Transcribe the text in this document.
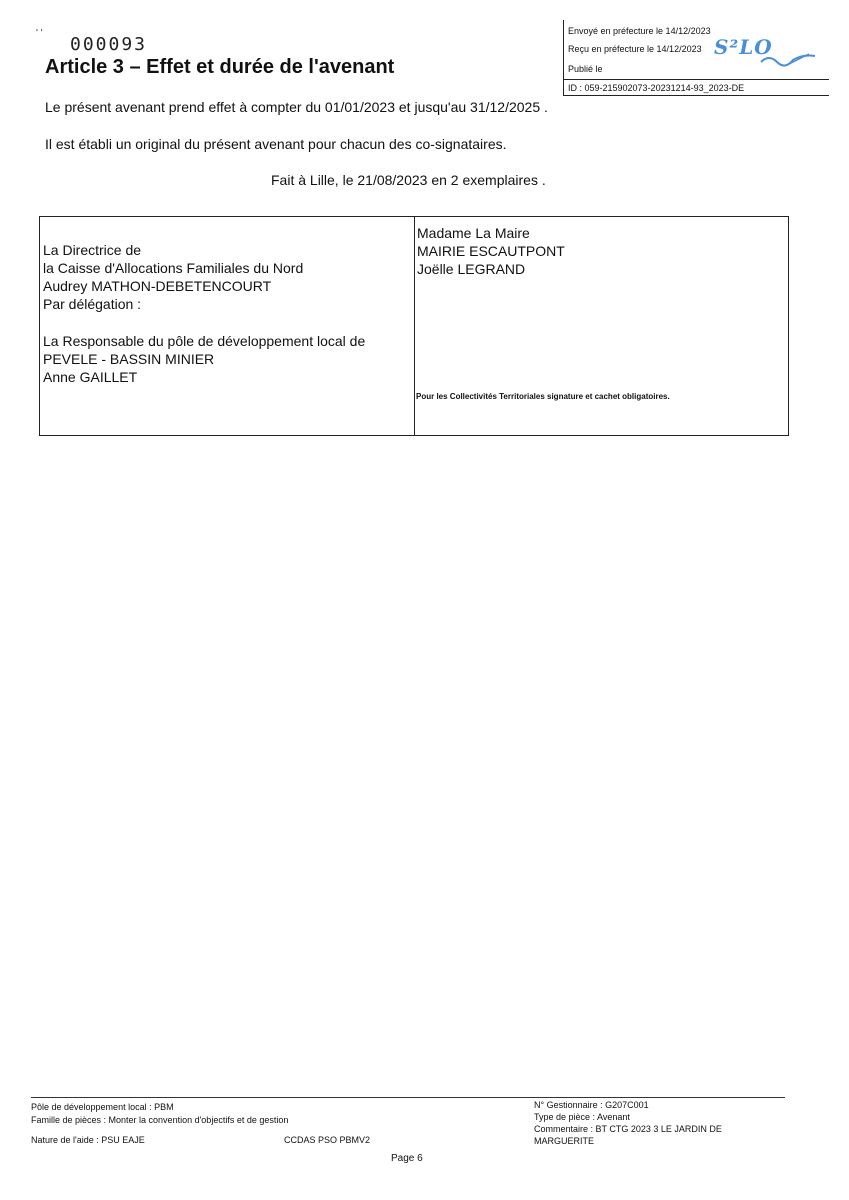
Envoyé en préfecture le 14/12/2023
Reçu en préfecture le 14/12/2023
Publié le
ID : 059-215902073-20231214-93_2023-DE
S²LO
' '
000093
Article 3 – Effet et durée de l'avenant
Le présent avenant prend effet à compter du 01/01/2023 et jusqu'au 31/12/2025 .
Il est établi un original du présent avenant pour chacun des co-signataires.
Fait à Lille, le 21/08/2023 en 2 exemplaires .
La Directrice de
la Caisse d'Allocations Familiales du Nord
Audrey MATHON-DEBETENCOURT
Par délégation :
La Responsable du pôle de développement local de
PEVELE - BASSIN MINIER
Anne GAILLET
Madame La Maire
MAIRIE ESCAUTPONT
Joëlle LEGRAND
Pour les Collectivités Territoriales signature et cachet obligatoires.
Pôle de développement local : PBM
Famille de pièces : Monter la convention d'objectifs et de gestion
Nature de l'aide : PSU EAJE	CCDAS PSO PBMV2
N° Gestionnaire : G207C001
Type de pièce : Avenant
Commentaire : BT CTG 2023 3 LE JARDIN DE
MARGUERITE
Page 6
